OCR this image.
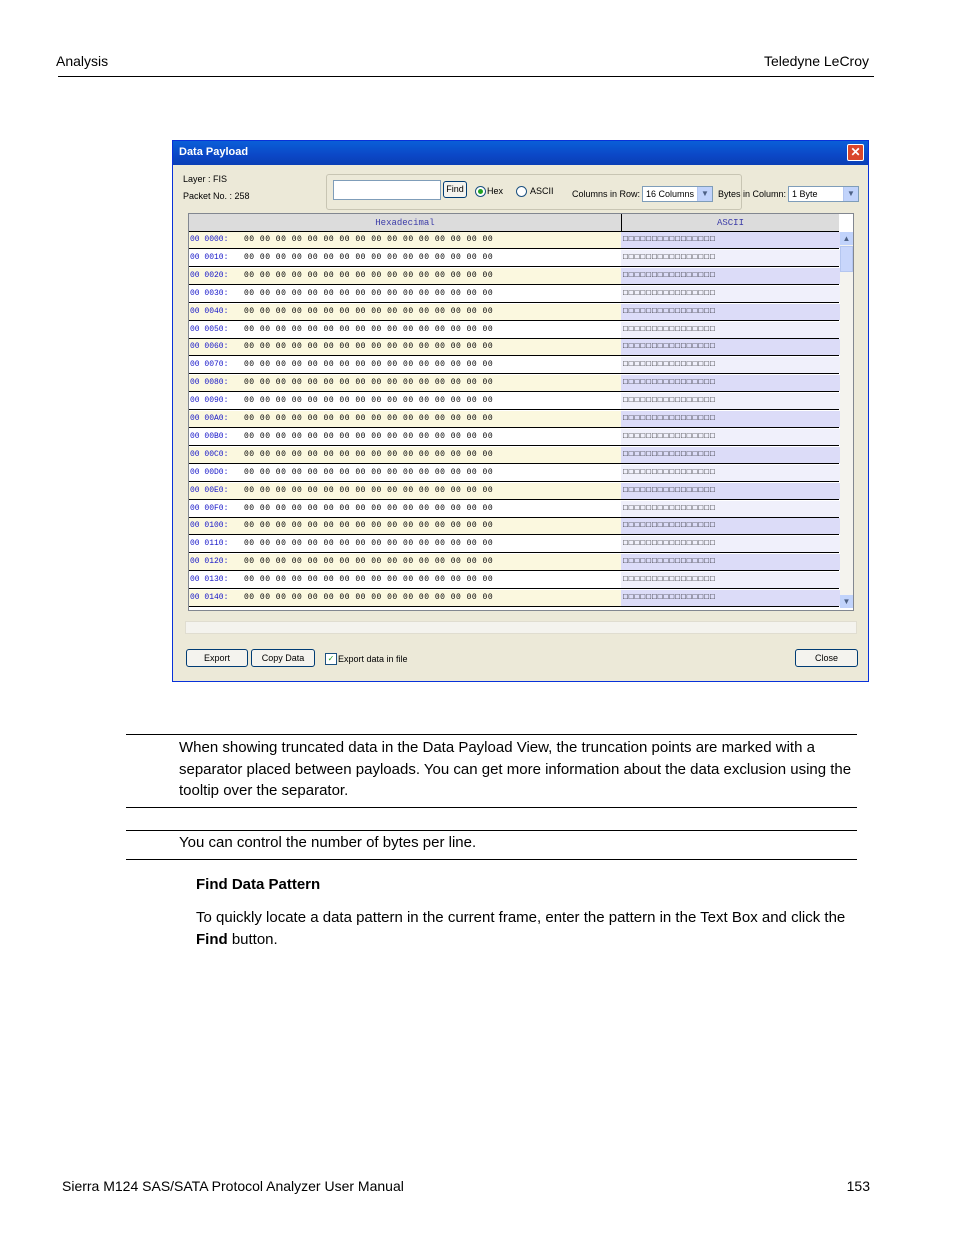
Analysis	Teledyne LeCroy
Data Payload	✕
Layer : FIS
Packet No. : 258
Find	Hex	ASCII Columns in Row: 16 Columns ▼	Bytes in Column: 1 Byte	▼
Hexadecimal	ASCII
00 0000: 00 00 00 00 00 00 00 00 00 00 00 00 00 00 00 00	□□□□□□□□□□□□□□□□
00 0010: 00 00 00 00 00 00 00 00 00 00 00 00 00 00 00 00	□□□□□□□□□□□□□□□□
00 0020: 00 00 00 00 00 00 00 00 00 00 00 00 00 00 00 00	□□□□□□□□□□□□□□□□
00 0030: 00 00 00 00 00 00 00 00 00 00 00 00 00 00 00 00	□□□□□□□□□□□□□□□□
00 0040: 00 00 00 00 00 00 00 00 00 00 00 00 00 00 00 00	□□□□□□□□□□□□□□□□
00 0050: 00 00 00 00 00 00 00 00 00 00 00 00 00 00 00 00	□□□□□□□□□□□□□□□□
00 0060: 00 00 00 00 00 00 00 00 00 00 00 00 00 00 00 00	□□□□□□□□□□□□□□□□
00 0070: 00 00 00 00 00 00 00 00 00 00 00 00 00 00 00 00	□□□□□□□□□□□□□□□□
00 0080: 00 00 00 00 00 00 00 00 00 00 00 00 00 00 00 00	□□□□□□□□□□□□□□□□
00 0090: 00 00 00 00 00 00 00 00 00 00 00 00 00 00 00 00	□□□□□□□□□□□□□□□□
00 00A0: 00 00 00 00 00 00 00 00 00 00 00 00 00 00 00 00	□□□□□□□□□□□□□□□□
00 00B0: 00 00 00 00 00 00 00 00 00 00 00 00 00 00 00 00	□□□□□□□□□□□□□□□□
00 00C0: 00 00 00 00 00 00 00 00 00 00 00 00 00 00 00 00	□□□□□□□□□□□□□□□□
00 00D0: 00 00 00 00 00 00 00 00 00 00 00 00 00 00 00 00	□□□□□□□□□□□□□□□□
00 00E0: 00 00 00 00 00 00 00 00 00 00 00 00 00 00 00 00	□□□□□□□□□□□□□□□□
00 00F0: 00 00 00 00 00 00 00 00 00 00 00 00 00 00 00 00	□□□□□□□□□□□□□□□□
00 0100: 00 00 00 00 00 00 00 00 00 00 00 00 00 00 00 00	□□□□□□□□□□□□□□□□
00 0110: 00 00 00 00 00 00 00 00 00 00 00 00 00 00 00 00	□□□□□□□□□□□□□□□□
00 0120: 00 00 00 00 00 00 00 00 00 00 00 00 00 00 00 00	□□□□□□□□□□□□□□□□
00 0130: 00 00 00 00 00 00 00 00 00 00 00 00 00 00 00 00	□□□□□□□□□□□□□□□□
00 0140: 00 00 00 00 00 00 00 00 00 00 00 00 00 00 00 00	□□□□□□□□□□□□□□□□
▲
▼
Export	Copy Data	✓ Export data in file	Close
When showing truncated data in the Data Payload View, the truncation points are marked with a separator placed between payloads. You can get more information about the data exclusion using the tooltip over the separator.
You can control the number of bytes per line.
Find Data Pattern
To quickly locate a data pattern in the current frame, enter the pattern in the Text Box and click the Find button.
Sierra M124 SAS/SATA Protocol Analyzer User Manual	153
